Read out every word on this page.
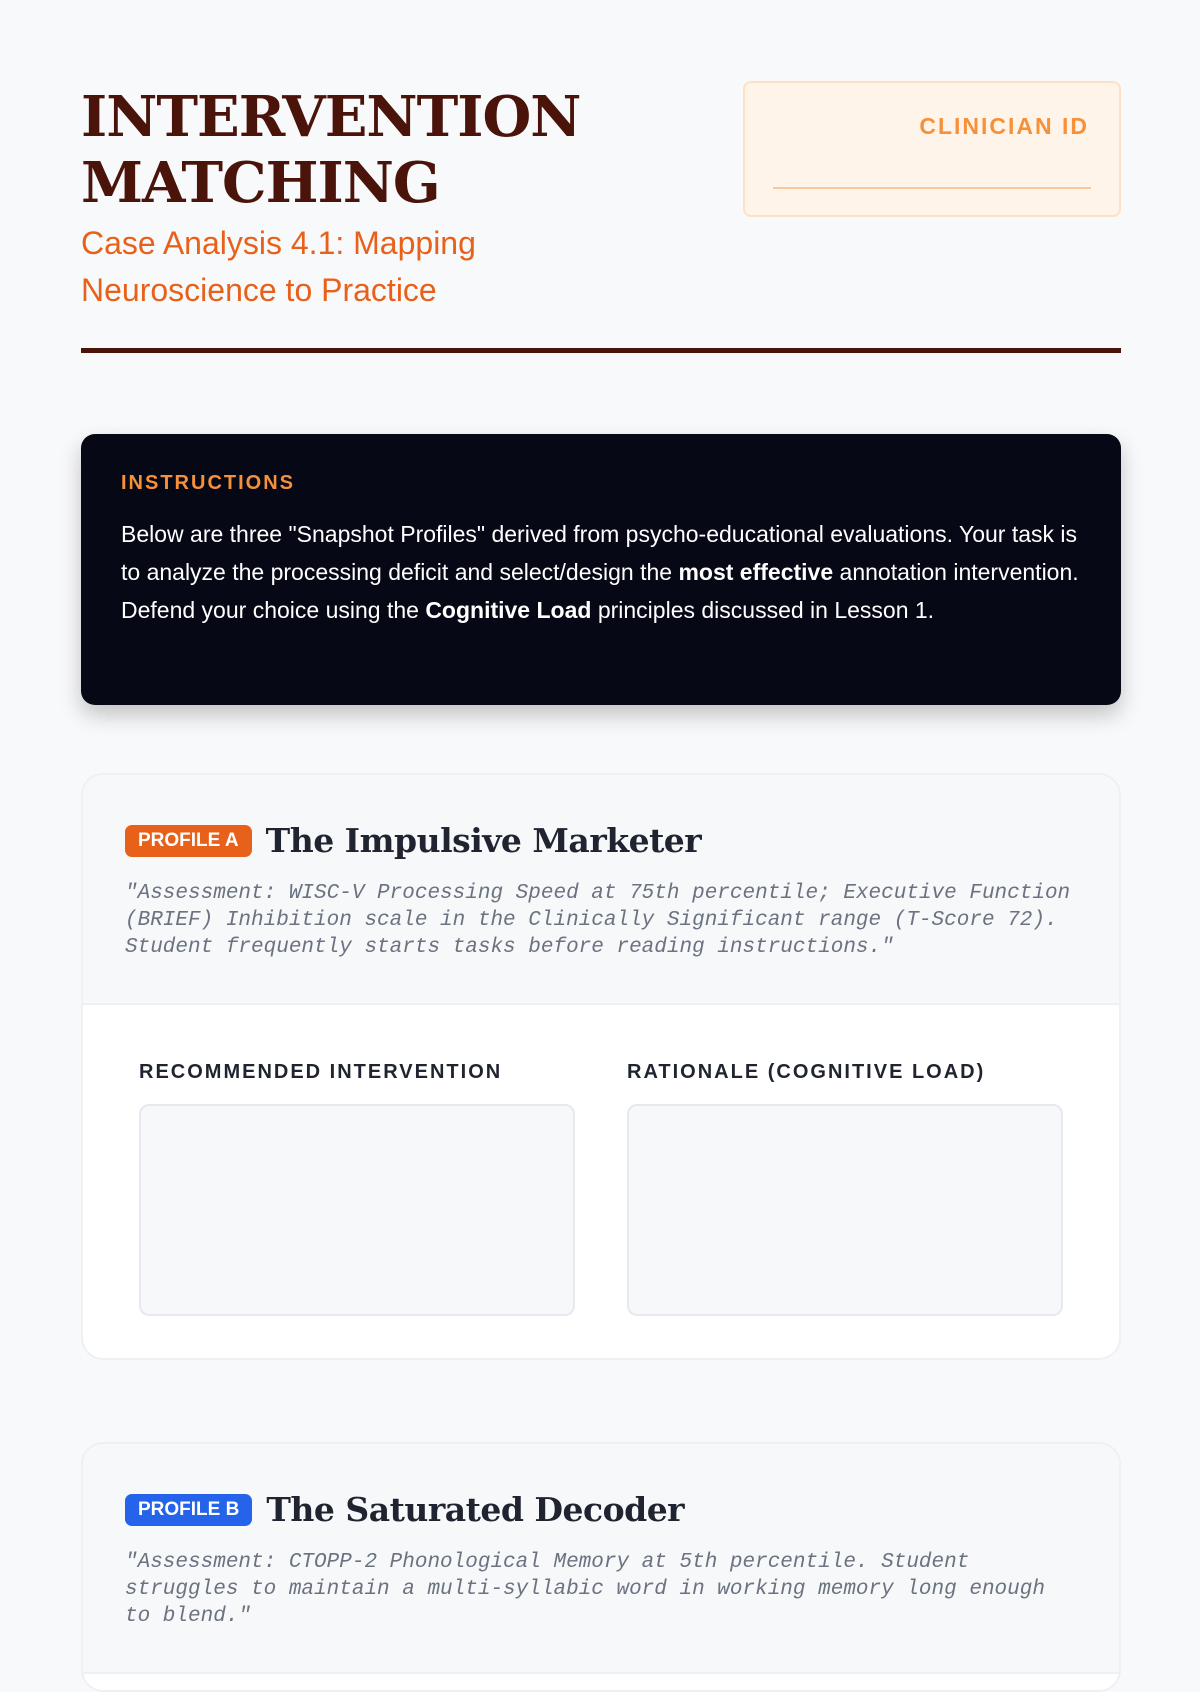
INTERVENTION MATCHING
Case Analysis 4.1: Mapping Neuroscience to Practice
CLINICIAN ID
INSTRUCTIONS
Below are three "Snapshot Profiles" derived from psycho-educational evaluations. Your task is to analyze the processing deficit and select/design the most effective annotation intervention. Defend your choice using the Cognitive Load principles discussed in Lesson 1.
PROFILE A The Impulsive Marketer
"Assessment: WISC-V Processing Speed at 75th percentile; Executive Function (BRIEF) Inhibition scale in the Clinically Significant range (T-Score 72). Student frequently starts tasks before reading instructions."
RECOMMENDED INTERVENTION	RATIONALE (COGNITIVE LOAD)
PROFILE B The Saturated Decoder
"Assessment: CTOPP-2 Phonological Memory at 5th percentile. Student struggles to maintain a multi-syllabic word in working memory long enough to blend."
